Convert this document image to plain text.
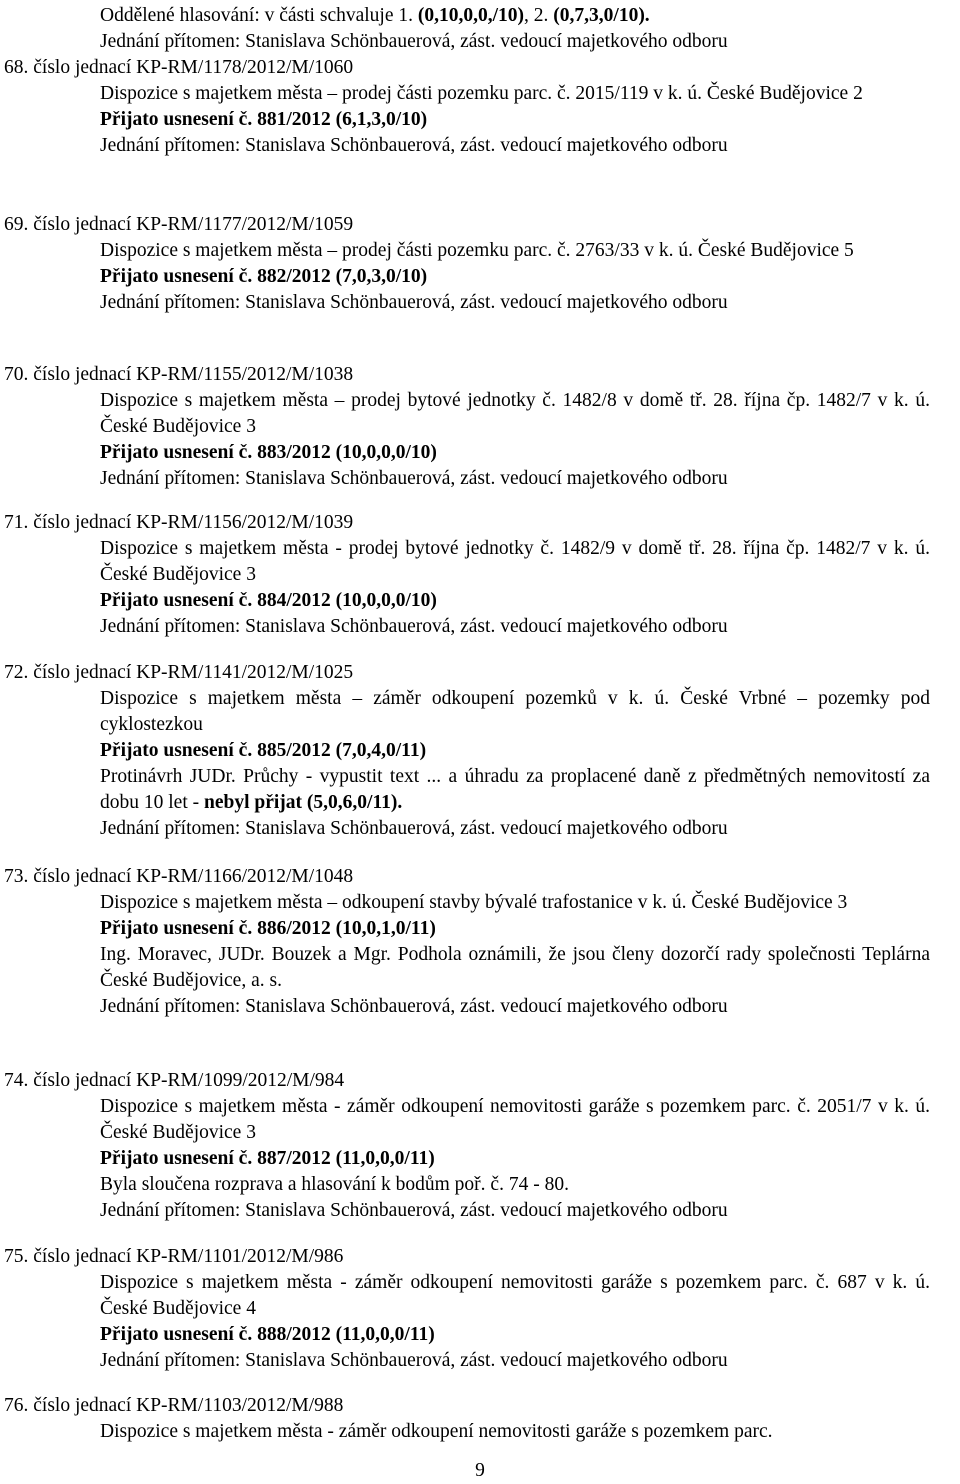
Oddělené hlasování: v části schvaluje 1. (0,10,0,0,/10), 2. (0,7,3,0/10).
Jednání přítomen: Stanislava Schönbauerová, zást. vedoucí majetkového odboru
68. číslo jednací KP-RM/1178/2012/M/1060
Dispozice s majetkem města – prodej části pozemku parc. č. 2015/119 v k. ú. České Budějovice 2
Přijato usnesení č. 881/2012 (6,1,3,0/10)
Jednání přítomen: Stanislava Schönbauerová, zást. vedoucí majetkového odboru
69. číslo jednací KP-RM/1177/2012/M/1059
Dispozice s majetkem města – prodej části pozemku parc. č. 2763/33 v k. ú. České Budějovice 5
Přijato usnesení č. 882/2012 (7,0,3,0/10)
Jednání přítomen: Stanislava Schönbauerová, zást. vedoucí majetkového odboru
70. číslo jednací KP-RM/1155/2012/M/1038
Dispozice s majetkem města – prodej bytové jednotky č. 1482/8 v domě tř. 28. října čp. 1482/7 v k. ú. České Budějovice 3
Přijato usnesení č. 883/2012 (10,0,0,0/10)
Jednání přítomen: Stanislava Schönbauerová, zást. vedoucí majetkového odboru
71. číslo jednací KP-RM/1156/2012/M/1039
Dispozice s majetkem města - prodej bytové jednotky č. 1482/9 v domě tř. 28. října čp. 1482/7 v k. ú. České Budějovice 3
Přijato usnesení č. 884/2012 (10,0,0,0/10)
Jednání přítomen: Stanislava Schönbauerová, zást. vedoucí majetkového odboru
72. číslo jednací KP-RM/1141/2012/M/1025
Dispozice s majetkem města – záměr odkoupení pozemků v k. ú. České Vrbné – pozemky pod cyklostezkou
Přijato usnesení č. 885/2012 (7,0,4,0/11)
Protinávrh JUDr. Průchy - vypustit text ... a úhradu za proplacené daně z předmětných nemovitostí za dobu 10 let - nebyl přijat (5,0,6,0/11).
Jednání přítomen: Stanislava Schönbauerová, zást. vedoucí majetkového odboru
73. číslo jednací KP-RM/1166/2012/M/1048
Dispozice s majetkem města – odkoupení stavby bývalé trafostanice v k. ú. České Budějovice 3
Přijato usnesení č. 886/2012 (10,0,1,0/11)
Ing. Moravec, JUDr. Bouzek a Mgr. Podhola oznámili, že jsou členy dozorčí rady společnosti Teplárna České Budějovice, a. s.
Jednání přítomen: Stanislava Schönbauerová, zást. vedoucí majetkového odboru
74. číslo jednací KP-RM/1099/2012/M/984
Dispozice s majetkem města - záměr odkoupení nemovitosti garáže s pozemkem parc. č. 2051/7 v k. ú. České Budějovice 3
Přijato usnesení č. 887/2012 (11,0,0,0/11)
Byla sloučena rozprava a hlasování k bodům poř. č. 74 - 80.
Jednání přítomen: Stanislava Schönbauerová, zást. vedoucí majetkového odboru
75. číslo jednací KP-RM/1101/2012/M/986
Dispozice s majetkem města - záměr odkoupení nemovitosti garáže s pozemkem parc. č. 687 v k. ú. České Budějovice 4
Přijato usnesení č. 888/2012 (11,0,0,0/11)
Jednání přítomen: Stanislava Schönbauerová, zást. vedoucí majetkového odboru
76. číslo jednací KP-RM/1103/2012/M/988
Dispozice s majetkem města - záměr odkoupení nemovitosti garáže s pozemkem parc.
9
